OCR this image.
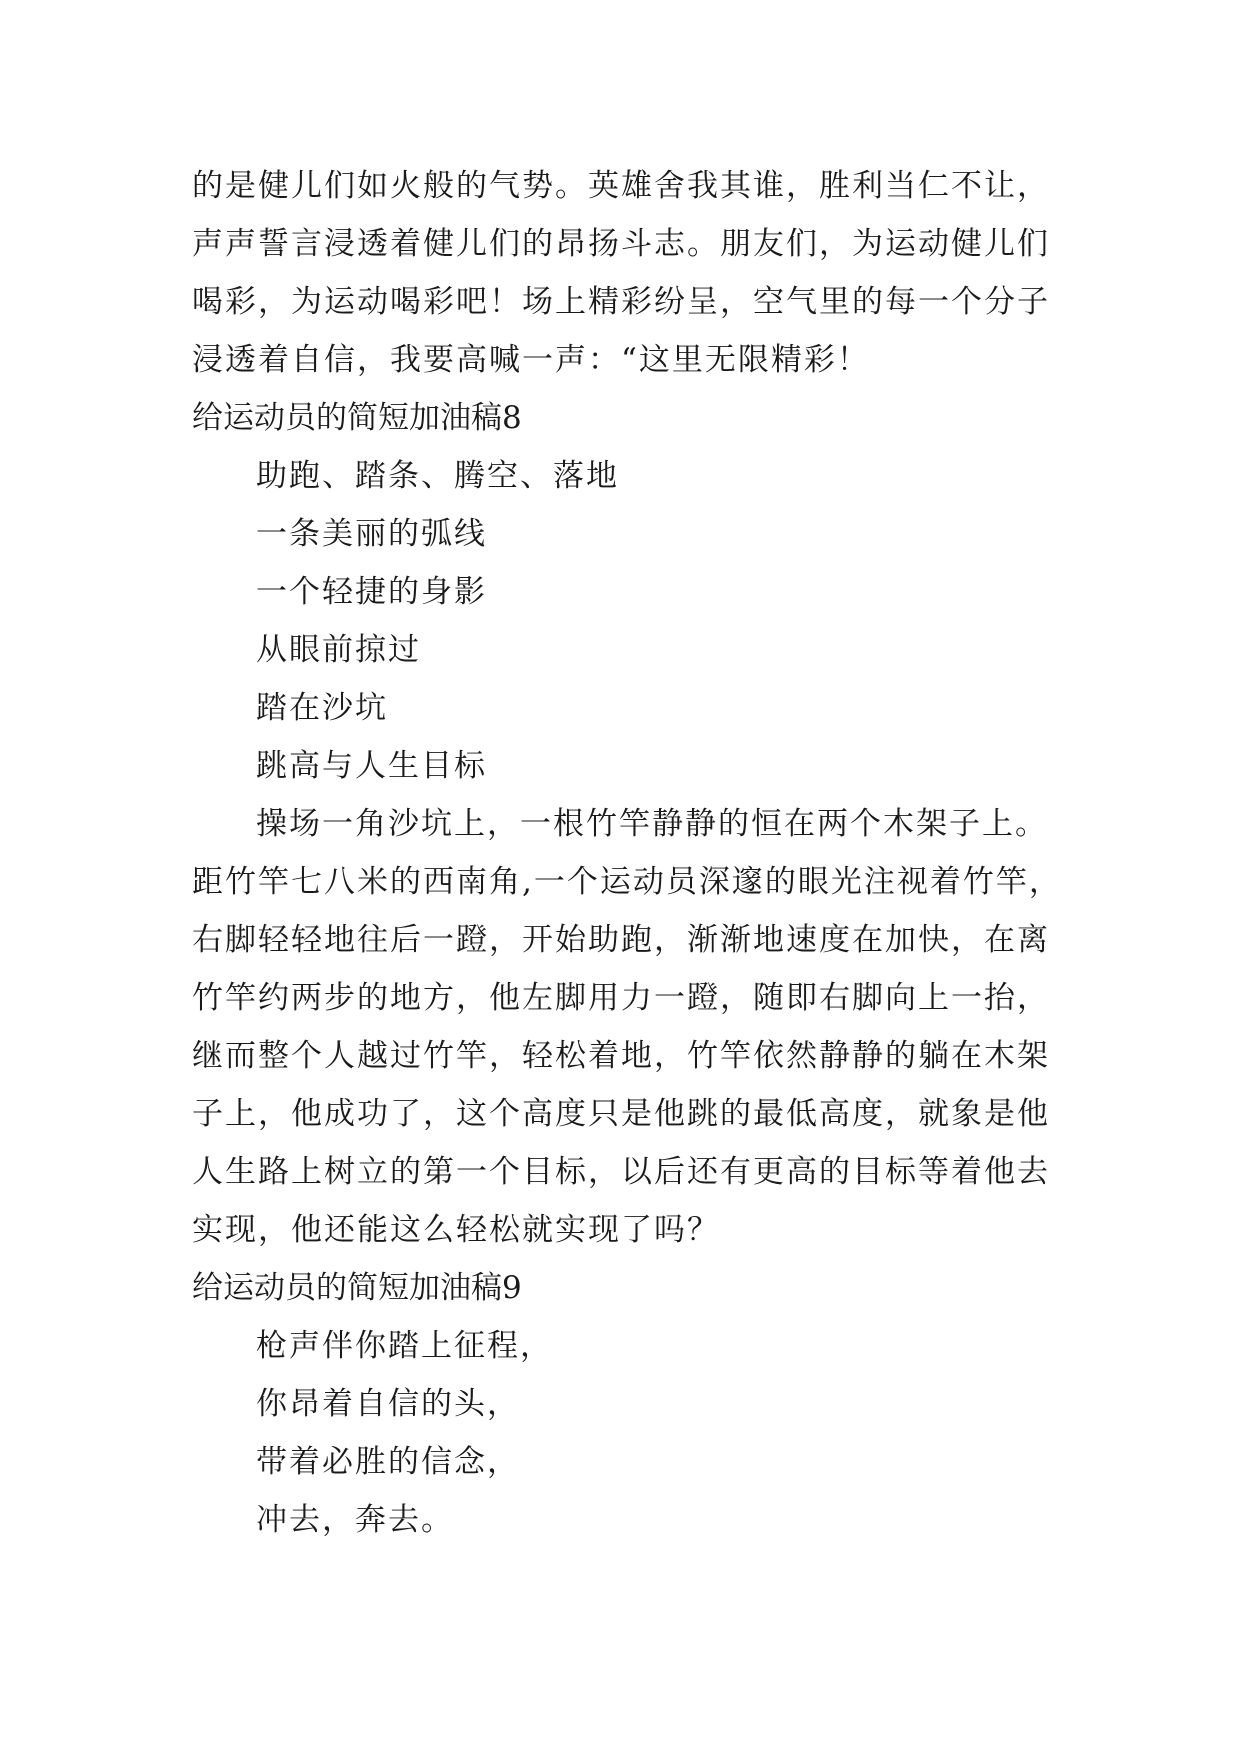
的是健儿们如火般的气势。英雄舍我其谁，胜利当仁不让，
声声誓言浸透着健儿们的昂扬斗志。朋友们，为运动健儿们
喝彩，为运动喝彩吧！场上精彩纷呈，空气里的每一个分子
浸透着自信，我要高喊一声：“这里无限精彩！
给运动员的简短加油稿8
助跑、踏条、腾空、落地
一条美丽的弧线
一个轻捷的身影
从眼前掠过
踏在沙坑
跳高与人生目标
操场一角沙坑上，一根竹竿静静的恒在两个木架子上。
距竹竿七八米的西南角,一个运动员深邃的眼光注视着竹竿，
右脚轻轻地往后一蹬，开始助跑，渐渐地速度在加快，在离
竹竿约两步的地方，他左脚用力一蹬，随即右脚向上一抬，
继而整个人越过竹竿，轻松着地，竹竿依然静静的躺在木架
子上，他成功了，这个高度只是他跳的最低高度，就象是他
人生路上树立的第一个目标，以后还有更高的目标等着他去
实现，他还能这么轻松就实现了吗？
给运动员的简短加油稿9
枪声伴你踏上征程，
你昂着自信的头，
带着必胜的信念，
冲去，奔去。
